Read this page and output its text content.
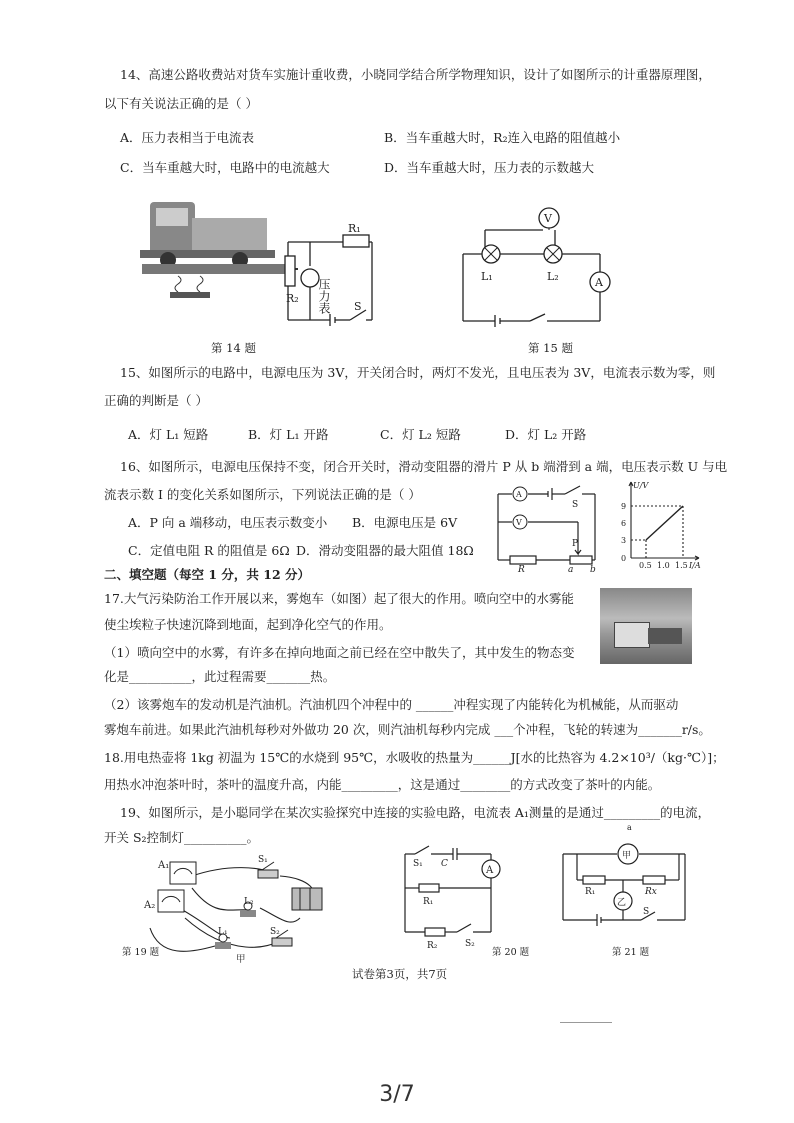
14、高速公路收费站对货车实施计重收费，小晓同学结合所学物理知识，设计了如图所示的计重器原理图，
以下有关说法正确的是（ ）
A．压力表相当于电流表	B．当车重越大时，R₂连入电路的阻值越小
C．当车重越大时，电路中的电流越大	D．当车重越大时，压力表的示数越大
R₁
R₂ 压力表 S
第 14 题
V
L₁	L₂	A
第 15 题
15、如图所示的电路中，电源电压为 3V，开关闭合时，两灯不发光，且电压表为 3V，电流表示数为零，则
正确的判断是（ ）
A．灯 L₁ 短路	B．灯 L₁ 开路	C．灯 L₂ 短路	D．灯 L₂ 开路
16、如图所示，电源电压保持不变，闭合开关时，滑动变阻器的滑片 P 从 b 端滑到 a 端，电压表示数 U 与电
流表示数 I 的变化关系如图所示，下列说法正确的是（ ）
A．P 向 a 端移动，电压表示数变小 B．电源电压是 6V
C．定值电阻 R 的阻值是 6Ω D．滑动变阻器的最大阻值 18Ω
A
V
S
R
P
a b
U/V
9
6
3
0
0.5 1.0 1.5 I/A
二、填空题（每空 1 分，共 12 分）
17.大气污染防治工作开展以来，雾炮车（如图）起了很大的作用。喷向空中的水雾能
使尘埃粒子快速沉降到地面，起到净化空气的作用。
（1）喷向空中的水雾，有许多在掉向地面之前已经在空中散失了，其中发生的物态变
化是__________，此过程需要_______热。
（2）该雾炮车的发动机是汽油机。汽油机四个冲程中的 ______冲程实现了内能转化为机械能，从而驱动
雾炮车前进。如果此汽油机每秒对外做功 20 次，则汽油机每秒内完成 ___个冲程，飞轮的转速为_______r/s。
18.用电热壶将 1kg 初温为 15℃的水烧到 95℃，水吸收的热量为______J[水的比热容为 4.2×10³/（kg·℃）]；
用热水冲泡茶叶时，茶叶的温度升高，内能_________，这是通过________的方式改变了茶叶的内能。
19、如图所示，是小聪同学在某次实验探究中连接的实验电路，电流表 A₁测量的是通过_________的电流，
开关 S₂控制灯__________。
A₁
A₂
S₁
L₂
L₁	S₂
第 19 题
甲
A
S₁ C
R₁
R₂	S₂
第 20 题
a
甲
乙
R₁	Rx
S
第 21 题
试卷第3页，共7页
3/7
